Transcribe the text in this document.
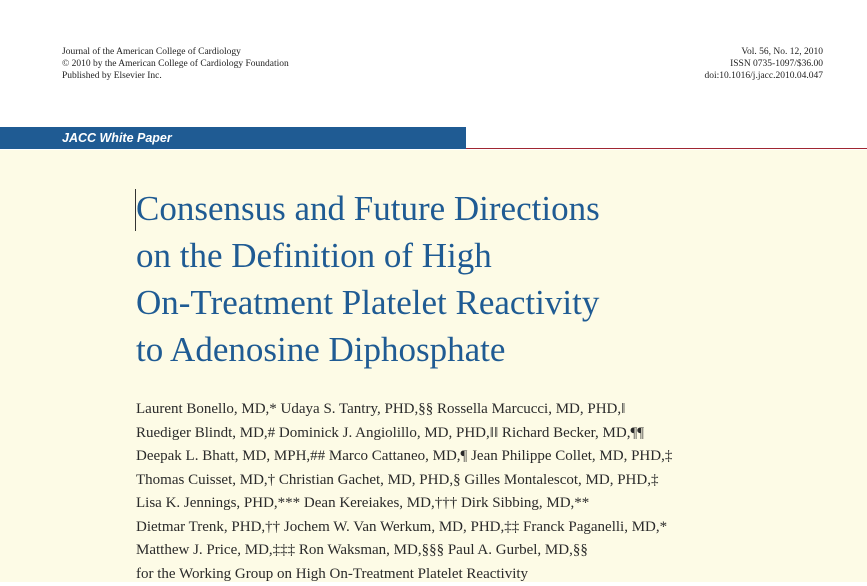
Journal of the American College of Cardiology
© 2010 by the American College of Cardiology Foundation
Published by Elsevier Inc.
Vol. 56, No. 12, 2010
ISSN 0735-1097/$36.00
doi:10.1016/j.jacc.2010.04.047
JACC White Paper
Consensus and Future Directions
on the Definition of High
On-Treatment Platelet Reactivity
to Adenosine Diphosphate
Laurent Bonello, MD,* Udaya S. Tantry, PHD,§§ Rossella Marcucci, MD, PHD,‖
Ruediger Blindt, MD,# Dominick J. Angiolillo, MD, PHD,‖‖ Richard Becker, MD,¶¶
Deepak L. Bhatt, MD, MPH,## Marco Cattaneo, MD,¶ Jean Philippe Collet, MD, PHD,‡
Thomas Cuisset, MD,† Christian Gachet, MD, PHD,§ Gilles Montalescot, MD, PHD,‡
Lisa K. Jennings, PHD,*** Dean Kereiakes, MD,††† Dirk Sibbing, MD,**
Dietmar Trenk, PHD,†† Jochem W. Van Werkum, MD, PHD,‡‡ Franck Paganelli, MD,*
Matthew J. Price, MD,‡‡‡ Ron Waksman, MD,§§§ Paul A. Gurbel, MD,§§
for the Working Group on High On-Treatment Platelet Reactivity
